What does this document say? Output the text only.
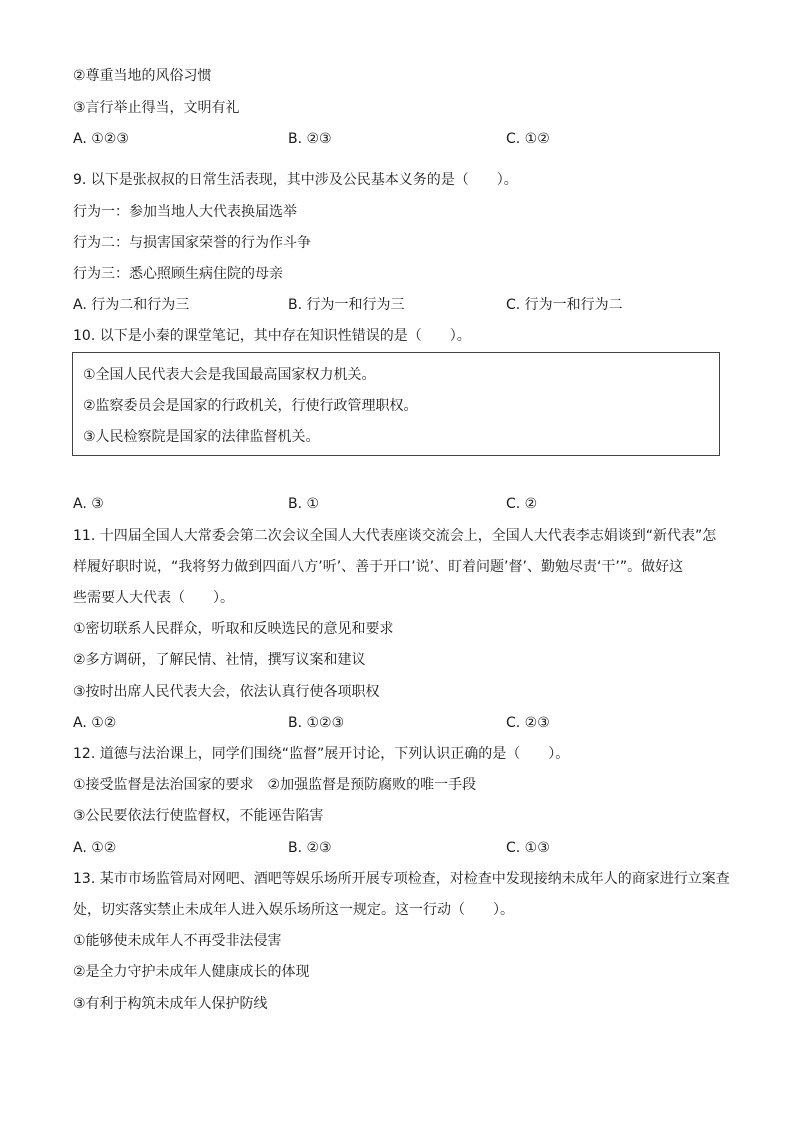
②尊重当地的风俗习惯
③言行举止得当，文明有礼
A. ①②③	B. ②③	C. ①②
9. 以下是张叔叔的日常生活表现，其中涉及公民基本义务的是（　　）。
行为一：参加当地人大代表换届选举
行为二：与损害国家荣誉的行为作斗争
行为三：悉心照顾生病住院的母亲
A. 行为二和行为三	B. 行为一和行为三	C. 行为一和行为二
10. 以下是小秦的课堂笔记，其中存在知识性错误的是（　　）。
①全国人民代表大会是我国最高国家权力机关。
②监察委员会是国家的行政机关，行使行政管理职权。
③人民检察院是国家的法律监督机关。
A. ③	B. ①	C. ②
11. 十四届全国人大常委会第二次会议全国人大代表座谈交流会上，全国人大代表李志娟谈到“新代表”怎
样履好职时说，“我将努力做到四面八方’听’、善于开口’说’、盯着问题’督’、勤勉尽责‘干’”。做好这
些需要人大代表（　　）。
①密切联系人民群众，听取和反映选民的意见和要求
②多方调研，了解民情、社情，撰写议案和建议
③按时出席人民代表大会，依法认真行使各项职权
A. ①②	B. ①②③	C. ②③
12. 道德与法治课上，同学们围绕“监督”展开讨论，下列认识正确的是（　　）。
①接受监督是法治国家的要求　②加强监督是预防腐败的唯一手段
③公民要依法行使监督权，不能诬告陷害
A. ①②	B. ②③	C. ①③
13. 某市市场监管局对网吧、酒吧等娱乐场所开展专项检查，对检查中发现接纳未成年人的商家进行立案查
处，切实落实禁止未成年人进入娱乐场所这一规定。这一行动（　　）。
①能够使未成年人不再受非法侵害
②是全力守护未成年人健康成长的体现
③有利于构筑未成年人保护防线
